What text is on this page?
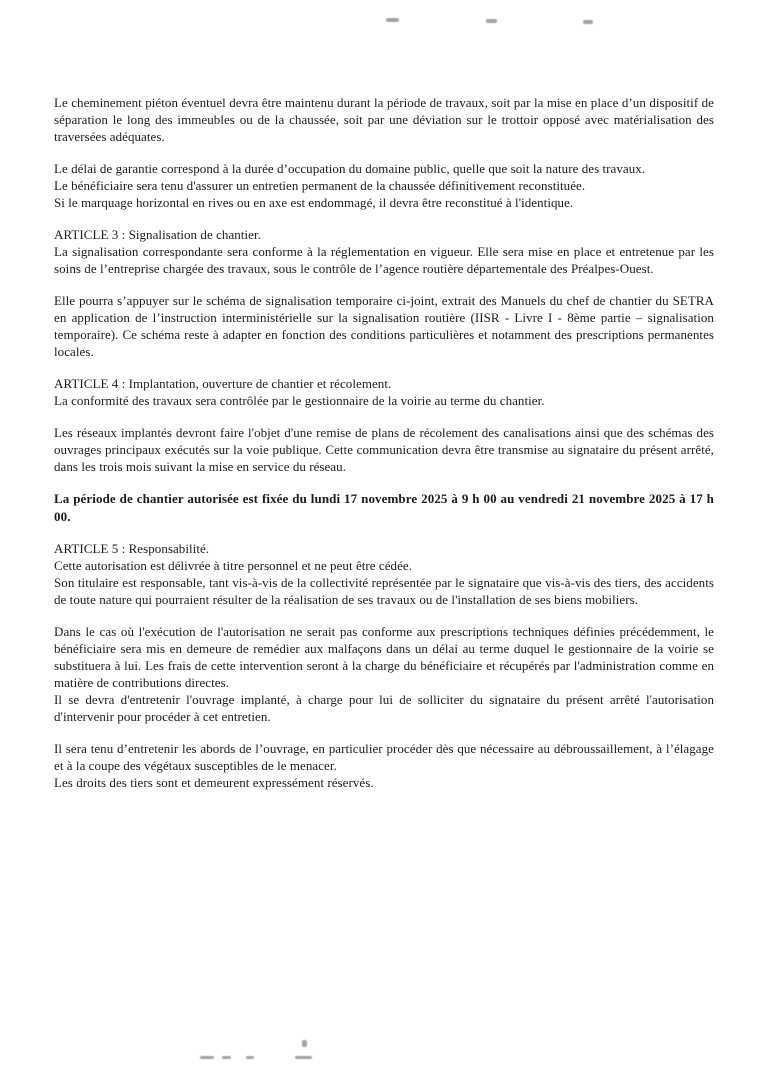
Le cheminement piéton éventuel devra être maintenu durant la période de travaux, soit par la mise en place d’un dispositif de séparation le long des immeubles ou de la chaussée, soit par une déviation sur le trottoir opposé avec matérialisation des traversées adéquates.
Le délai de garantie correspond à la durée d’occupation du domaine public, quelle que soit la nature des travaux.
Le bénéficiaire sera tenu d'assurer un entretien permanent de la chaussée définitivement reconstituée.
Si le marquage horizontal en rives ou en axe est endommagé, il devra être reconstitué à l'identique.
ARTICLE 3 : Signalisation de chantier.
La signalisation correspondante sera conforme à la réglementation en vigueur. Elle sera mise en place et entretenue par les soins de l’entreprise chargée des travaux, sous le contrôle de l’agence routière départementale des Préalpes-Ouest.
Elle pourra s’appuyer sur le schéma de signalisation temporaire ci-joint, extrait des Manuels du chef de chantier du SETRA en application de l’instruction interministérielle sur la signalisation routière (IISR - Livre I - 8ème partie – signalisation temporaire). Ce schéma reste à adapter en fonction des conditions particulières et notamment des prescriptions permanentes locales.
ARTICLE 4 : Implantation, ouverture de chantier et récolement.
La conformité des travaux sera contrôlée par le gestionnaire de la voirie au terme du chantier.
Les réseaux implantés devront faire l'objet d'une remise de plans de récolement des canalisations ainsi que des schémas des ouvrages principaux exécutés sur la voie publique. Cette communication devra être transmise au signataire du présent arrêté, dans les trois mois suivant la mise en service du réseau.
La période de chantier autorisée est fixée du lundi 17 novembre 2025 à 9 h 00 au vendredi 21 novembre 2025 à 17 h 00.
ARTICLE 5 : Responsabilité.
Cette autorisation est délivrée à titre personnel et ne peut être cédée.
Son titulaire est responsable, tant vis-à-vis de la collectivité représentée par le signataire que vis-à-vis des tiers, des accidents de toute nature qui pourraient résulter de la réalisation de ses travaux ou de l'installation de ses biens mobiliers.
Dans le cas où l'exécution de l'autorisation ne serait pas conforme aux prescriptions techniques définies précédemment, le bénéficiaire sera mis en demeure de remédier aux malfaçons dans un délai au terme duquel le gestionnaire de la voirie se substituera à lui. Les frais de cette intervention seront à la charge du bénéficiaire et récupérés par l'administration comme en matière de contributions directes.
Il se devra d'entretenir l'ouvrage implanté, à charge pour lui de solliciter du signataire du présent arrêté l'autorisation d'intervenir pour procéder à cet entretien.
Il sera tenu d’entretenir les abords de l’ouvrage, en particulier procéder dès que nécessaire au débroussaillement, à l’élagage et à la coupe des végétaux susceptibles de le menacer.
Les droits des tiers sont et demeurent expressément réservés.
